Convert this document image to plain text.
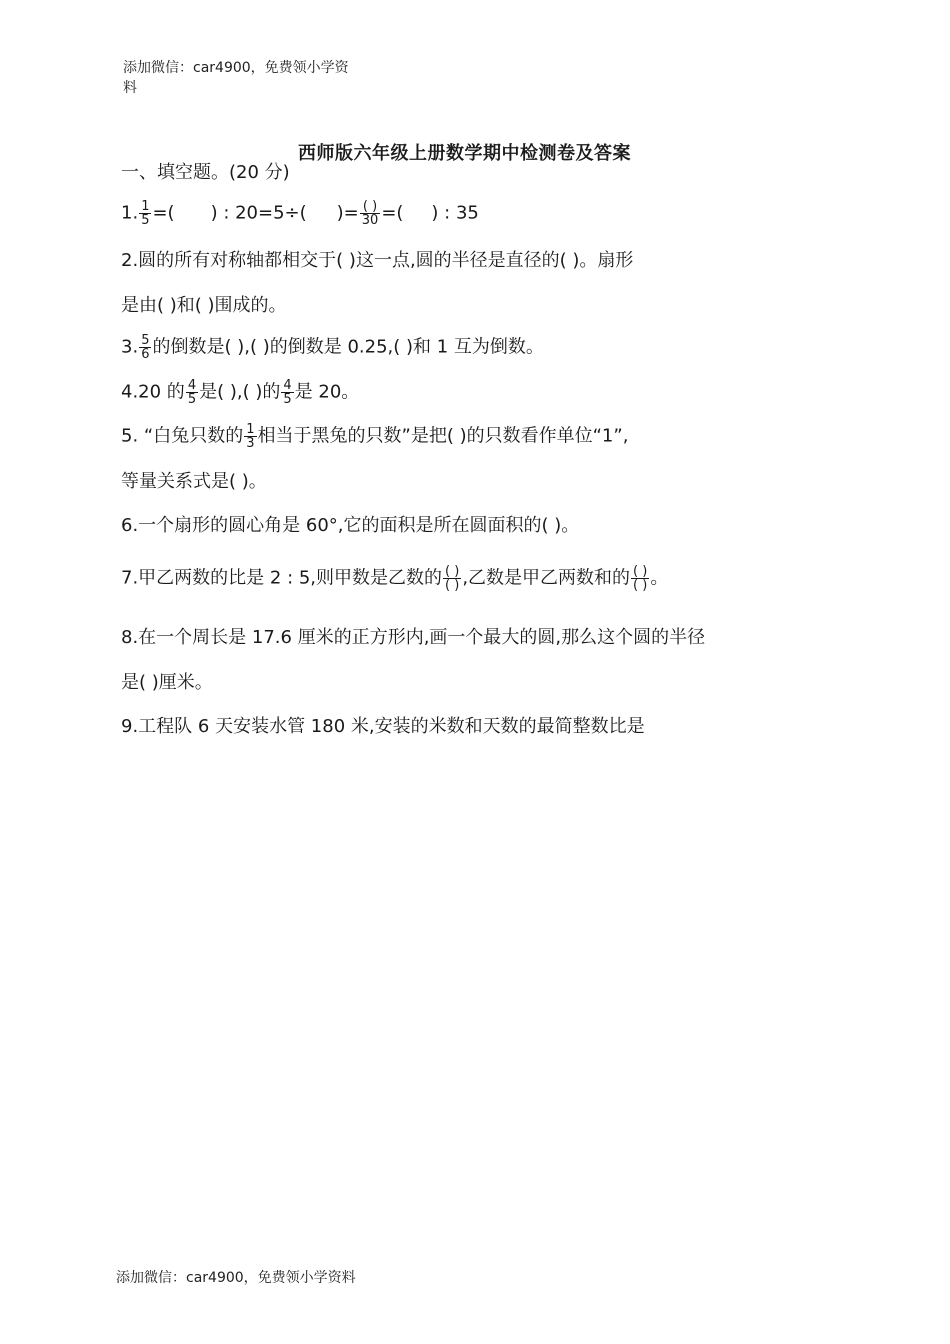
添加微信：car4900，免费领小学资
料
西师版六年级上册数学期中检测卷及答案
一、填空题。(20 分)
1. $\frac{1}{5}$ =( ) : 20=5÷( )= $\frac{( )}{30}$ =( ) : 35
2.圆的所有对称轴都相交于( )这一点,圆的半径是直径的( )。扇形
是由( )和( )围成的。
3. $\frac{5}{6}$ 的倒数是( ),( )的倒数是 0.25,( )和 1 互为倒数。
4.20 的 $\frac{4}{5}$ 是( ),( )的 $\frac{4}{5}$ 是 20。
5. “白兔只数的 $\frac{1}{3}$ 相当于黑兔的只数”是把( )的只数看作单位“1”,
等量关系式是( )。
6.一个扇形的圆心角是 60°,它的面积是所在圆面积的( )。
7.甲乙两数的比是 2 : 5,则甲数是乙数的 $\frac{( )}{( )}$ ,乙数是甲乙两数和的 $\frac{( )}{( )}$ 。
8.在一个周长是 17.6 厘米的正方形内,画一个最大的圆,那么这个圆的半径
是( )厘米。
9.工程队 6 天安装水管 180 米,安装的米数和天数的最简整数比是
添加微信：car4900，免费领小学资料
